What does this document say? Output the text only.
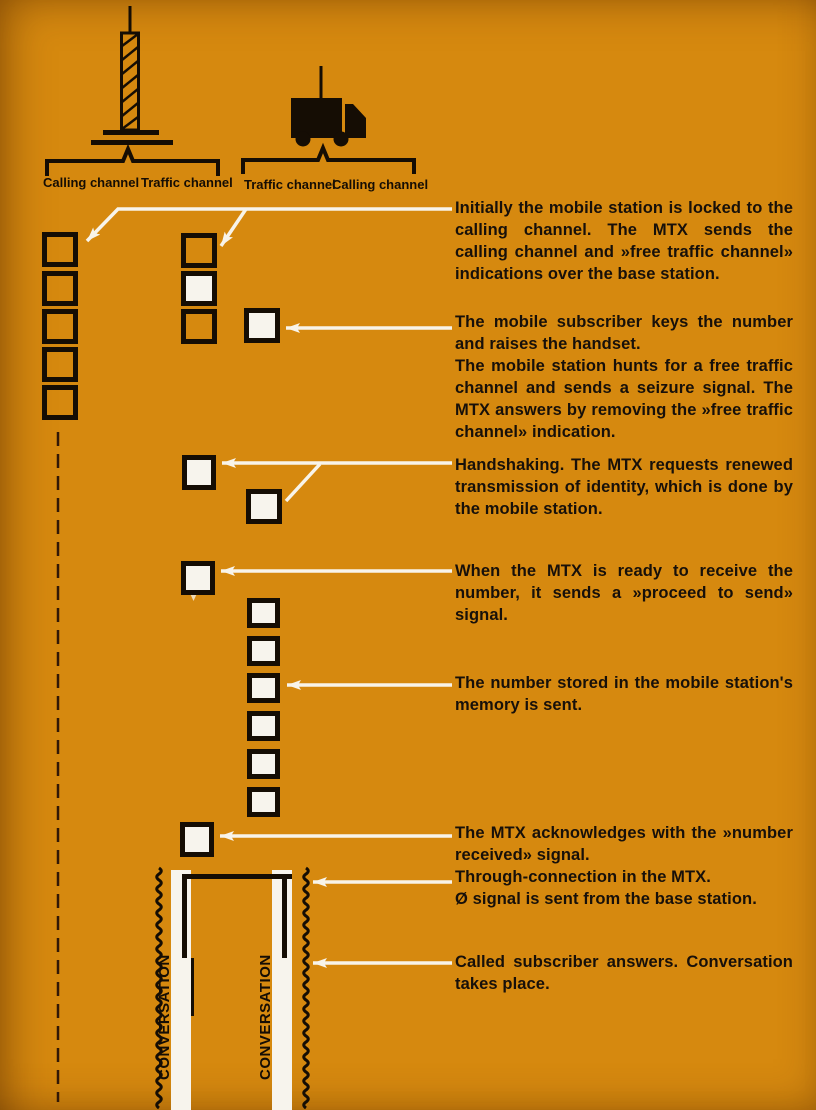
Calling channel Traffic channel Traffic channel
Calling channel
CONVERSATION	CONVERSATION
Initially the mobile station is locked to the calling channel. The MTX sends the calling channel and »free traffic channel» indications over the base station.
The mobile subscriber keys the number and raises the handset.
The mobile station hunts for a free traffic channel and sends a seizure signal. The MTX answers by removing the »free traffic channel» indication.
Handshaking. The MTX requests renewed transmission of identity, which is done by the mobile station.
When the MTX is ready to receive the number, it sends a »proceed to send» signal.
The number stored in the mobile station's memory is sent.
The MTX acknowledges with the »number received» signal.
Through-connection in the MTX.
Ø signal is sent from the base station.
Called subscriber answers. Conversation takes place.
